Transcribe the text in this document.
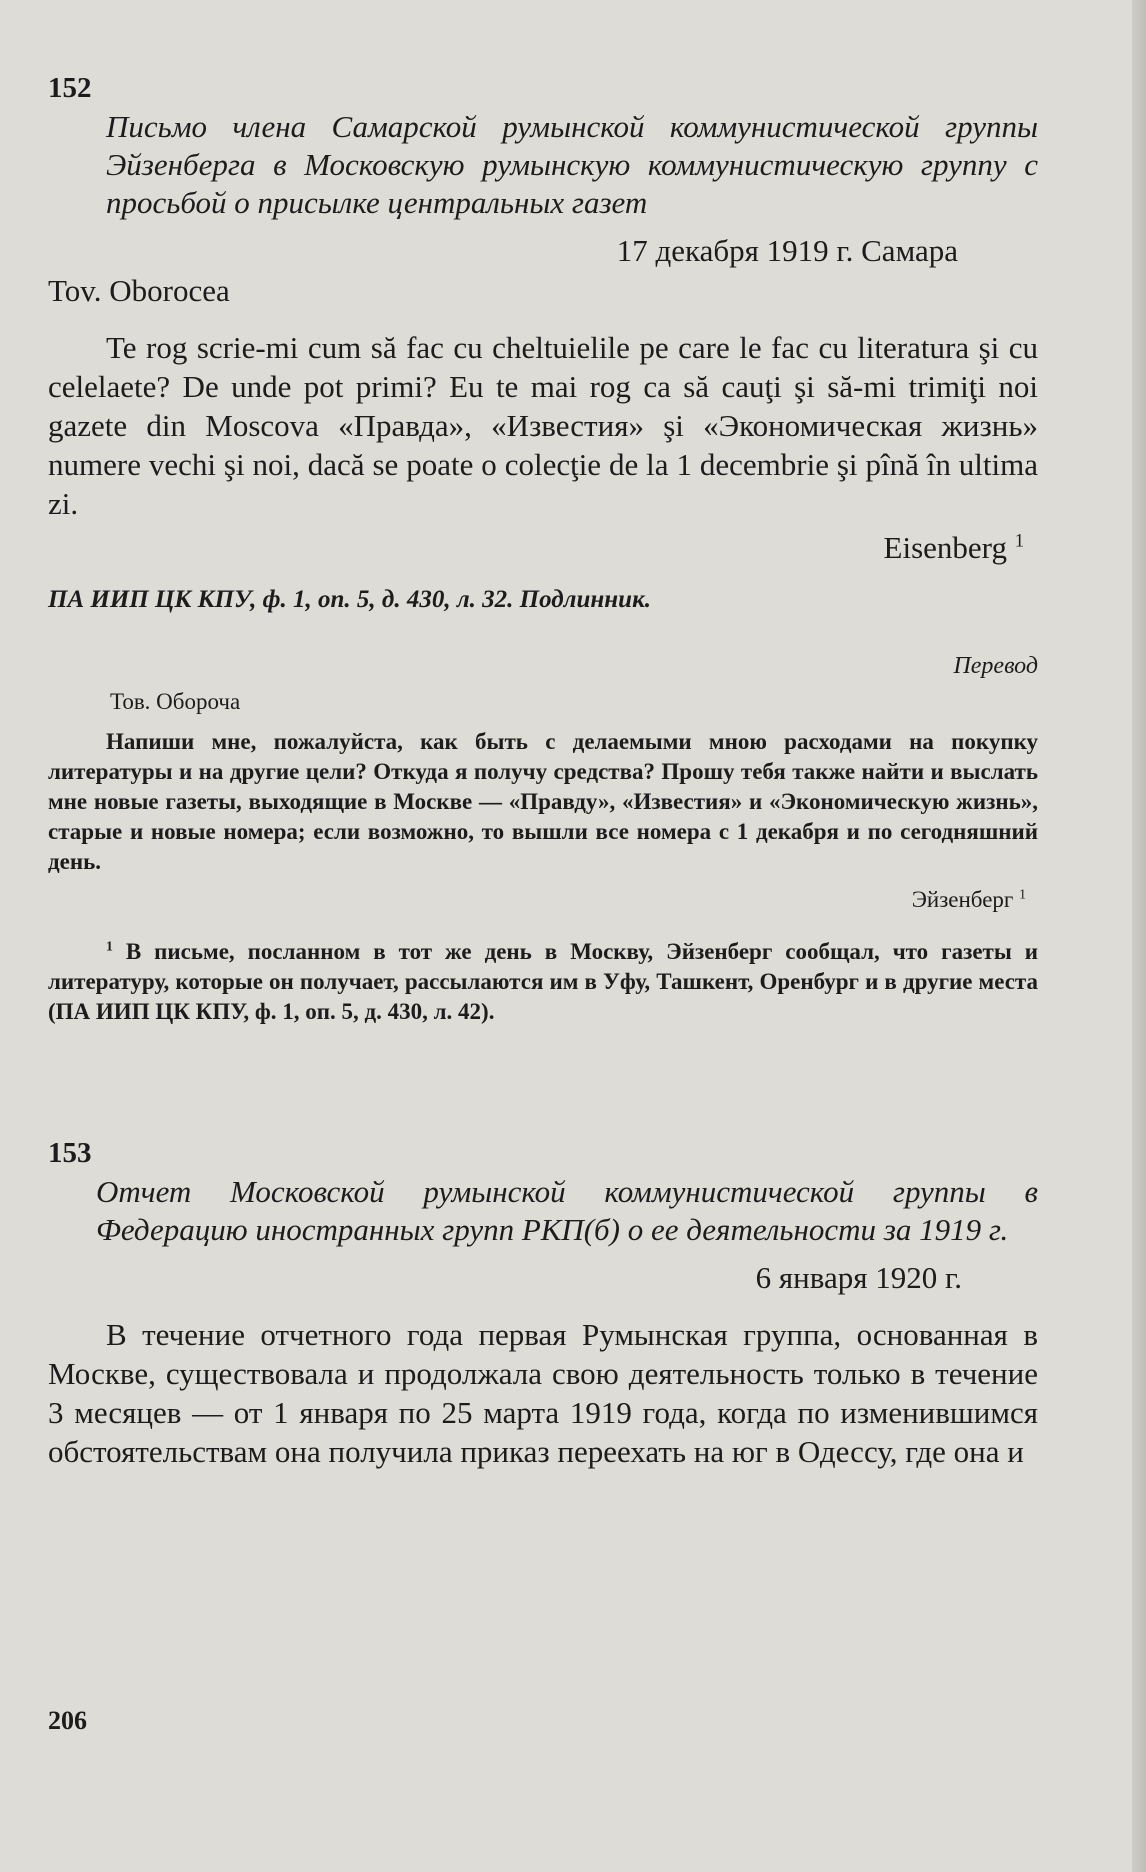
152

Письмо члена Самарской румынской коммунистической группы Эйзенберга в Московскую румынскую коммунистическую группу с просьбой о присылке центральных газет

17 декабря 1919 г. Самара
Tov. Oborocea

Te rog scrie-mi cum să fac cu cheltuielile pe care le fac cu literatura şi cu celelaete? De unde pot primi? Eu te mai rog ca să cauţi şi să-mi trimiţi noi gazete din Moscova «Правда», «Известия» şi «Экономическая жизнь» numere vechi şi noi, dacă se poate o colecţie de la 1 decembrie şi pînă în ultima zi.

Eisenberg $^1$
ПА ИИП ЦК КПУ, ф. 1, оп. 5, д. 430, л. 32. Подлинник.
Перевод
Тов. Обороча

Напиши мне, пожалуйста, как быть с делаемыми мною расходами на покупку литературы и на другие цели? Откуда я получу средства? Прошу тебя также найти и выслать мне новые газеты, выходящие в Москве — «Правду», «Известия» и «Экономическую жизнь», старые и новые номера; если возможно, то вышли все номера с 1 декабря и по сегодняшний день.

Эйзенберг $^1$

$^1$ В письме, посланном в тот же день в Москву, Эйзенберг сообщал, что газеты и литературу, которые он получает, рассылаются им в Уфу, Ташкент, Оренбург и в другие места (ПА ИИП ЦК КПУ, ф. 1, оп. 5, д. 430, л. 42).

153

Отчет Московской румынской коммунистической группы в Федерацию иностранных групп РКП(б) о ее деятельности за 1919 г.

6 января 1920 г.

В течение отчетного года первая Румынская группа, основанная в Москве, существовала и продолжала свою деятельность только в течение 3 месяцев — от 1 января по 25 марта 1919 года, когда по изменившимся обстоятельствам она получила приказ переехать на юг в Одессу, где она и

206
